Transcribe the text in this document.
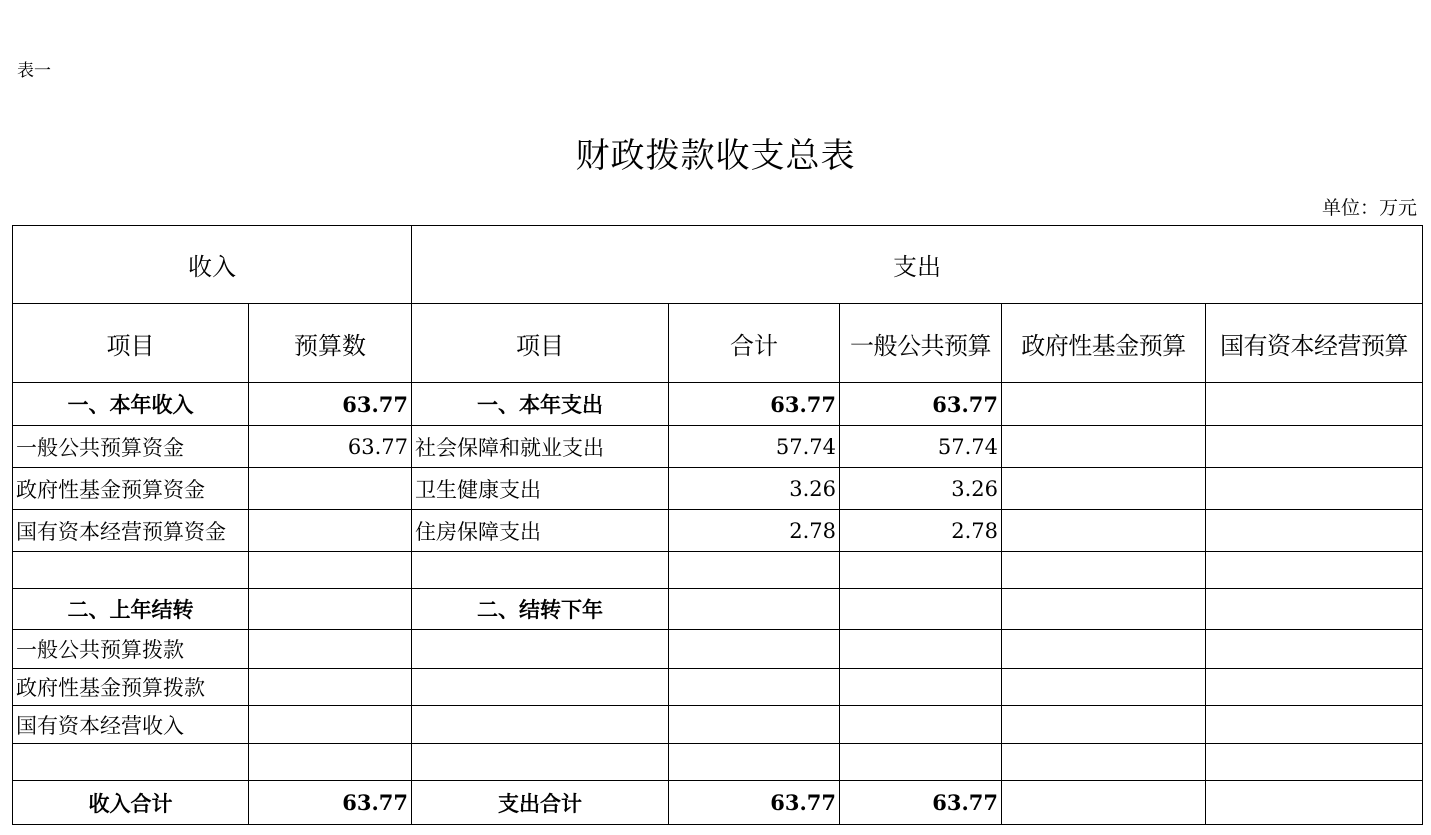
表一
财政拨款收支总表
单位：万元
收入		支出				
项目	预算数	项目	合计	一般公共预算	政府性基金预算	国有资本经营预算
一、本年收入	63.77	一、本年支出	63.77	63.77		
一般公共预算资金	63.77	社会保障和就业支出	57.74	57.74		
政府性基金预算资金		卫生健康支出	3.26	3.26		
国有资本经营预算资金		住房保障支出	2.78	2.78		

二、上年结转		二、结转下年				
一般公共预算拨款						
政府性基金预算拨款						
国有资本经营收入						

收入合计	63.77	支出合计	63.77	63.77		
